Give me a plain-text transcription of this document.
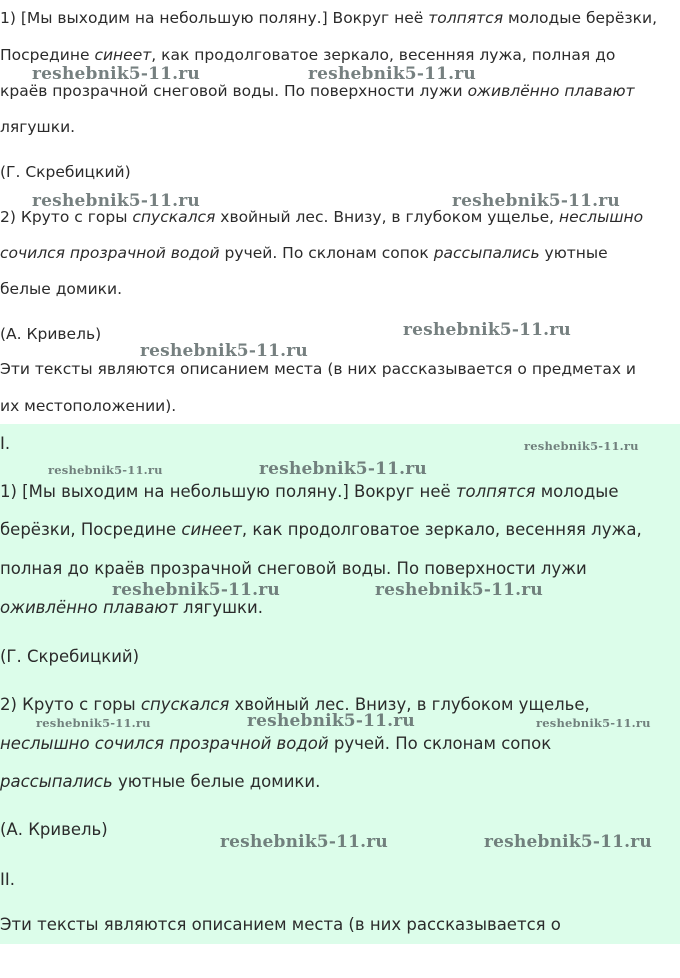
1) [Мы выходим на небольшую поляну.] Вокруг неё толпятся молодые берёзки,

Посредине синеет, как продолговатое зеркало, весенняя лужа, полная до

краёв прозрачной снеговой воды. По поверхности лужи оживлённо плавают

лягушки.

(Г. Скребицкий)

2) Круто с горы спускался хвойный лес. Внизу, в глубоком ущелье, неслышно

сочился прозрачной водой ручей. По склонам сопок рассыпались уютные

белые домики.

(А. Кривель)

Эти тексты являются описанием места (в них рассказывается о предметах и

их местоположении).

I.

1) [Мы выходим на небольшую поляну.] Вокруг неё толпятся молодые

берёзки, Посредине синеет, как продолговатое зеркало, весенняя лужа,

полная до краёв прозрачной снеговой воды. По поверхности лужи

оживлённо плавают лягушки.

(Г. Скребицкий)

2) Круто с горы спускался хвойный лес. Внизу, в глубоком ущелье,

неслышно сочился прозрачной водой ручей. По склонам сопок

рассыпались уютные белые домики.

(А. Кривель)

II.

Эти тексты являются описанием места (в них рассказывается о

reshebnik5-11.ru	reshebnik5-11.ru
reshebnik5-11.ru	reshebnik5-11.ru
reshebnik5-11.ru
reshebnik5-11.ru
reshebnik5-11.ru
reshebnik5-11.ru	reshebnik5-11.ru
reshebnik5-11.ru	reshebnik5-11.ru
reshebnik5-11.ru	reshebnik5-11.ru	reshebnik5-11.ru
reshebnik5-11.ru	reshebnik5-11.ru
